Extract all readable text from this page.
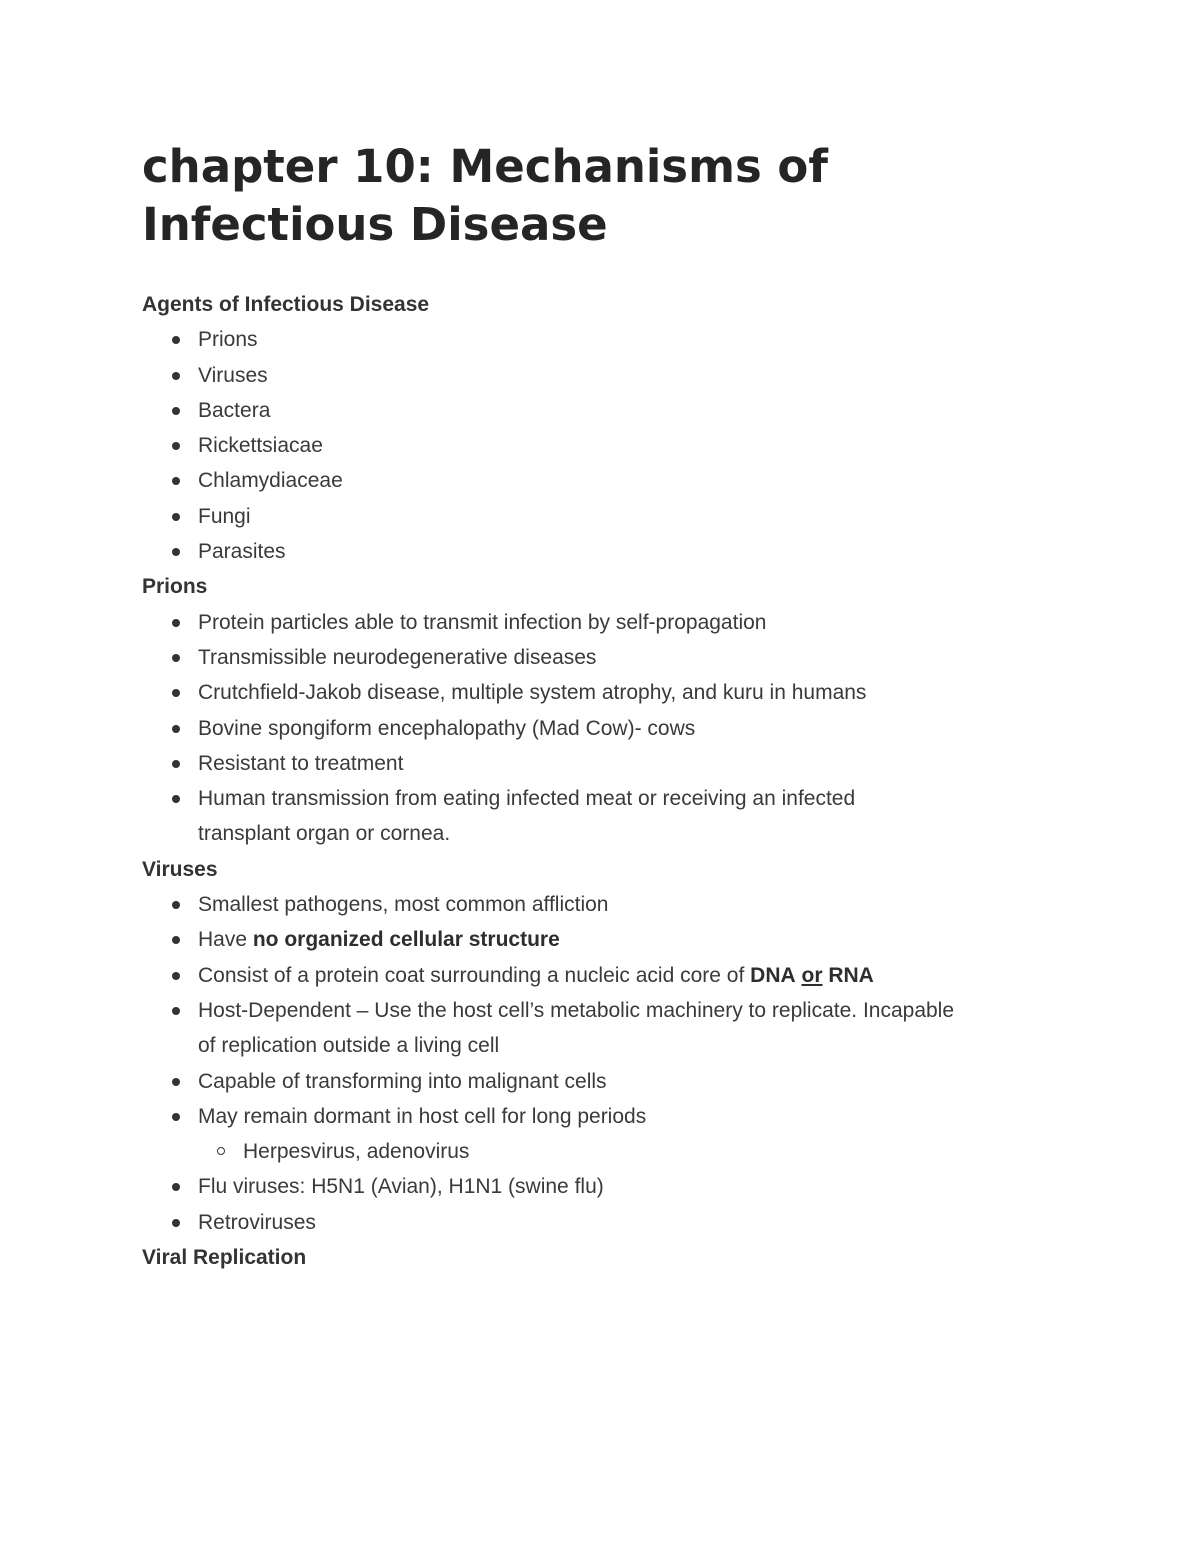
chapter 10: Mechanisms of Infectious Disease
Agents of Infectious Disease
Prions
Viruses
Bactera
Rickettsiacae
Chlamydiaceae
Fungi
Parasites
Prions
Protein particles able to transmit infection by self-propagation
Transmissible neurodegenerative diseases
Crutchfield-Jakob disease, multiple system atrophy, and kuru in humans
Bovine spongiform encephalopathy (Mad Cow)- cows
Resistant to treatment
Human transmission from eating infected meat or receiving an infected transplant organ or cornea.
Viruses
Smallest pathogens, most common affliction
Have no organized cellular structure
Consist of a protein coat surrounding a nucleic acid core of DNA or RNA
Host-Dependent – Use the host cell’s metabolic machinery to replicate. Incapable of replication outside a living cell
Capable of transforming into malignant cells
May remain dormant in host cell for long periods
Herpesvirus, adenovirus
Flu viruses: H5N1 (Avian), H1N1 (swine flu)
Retroviruses
Viral Replication
